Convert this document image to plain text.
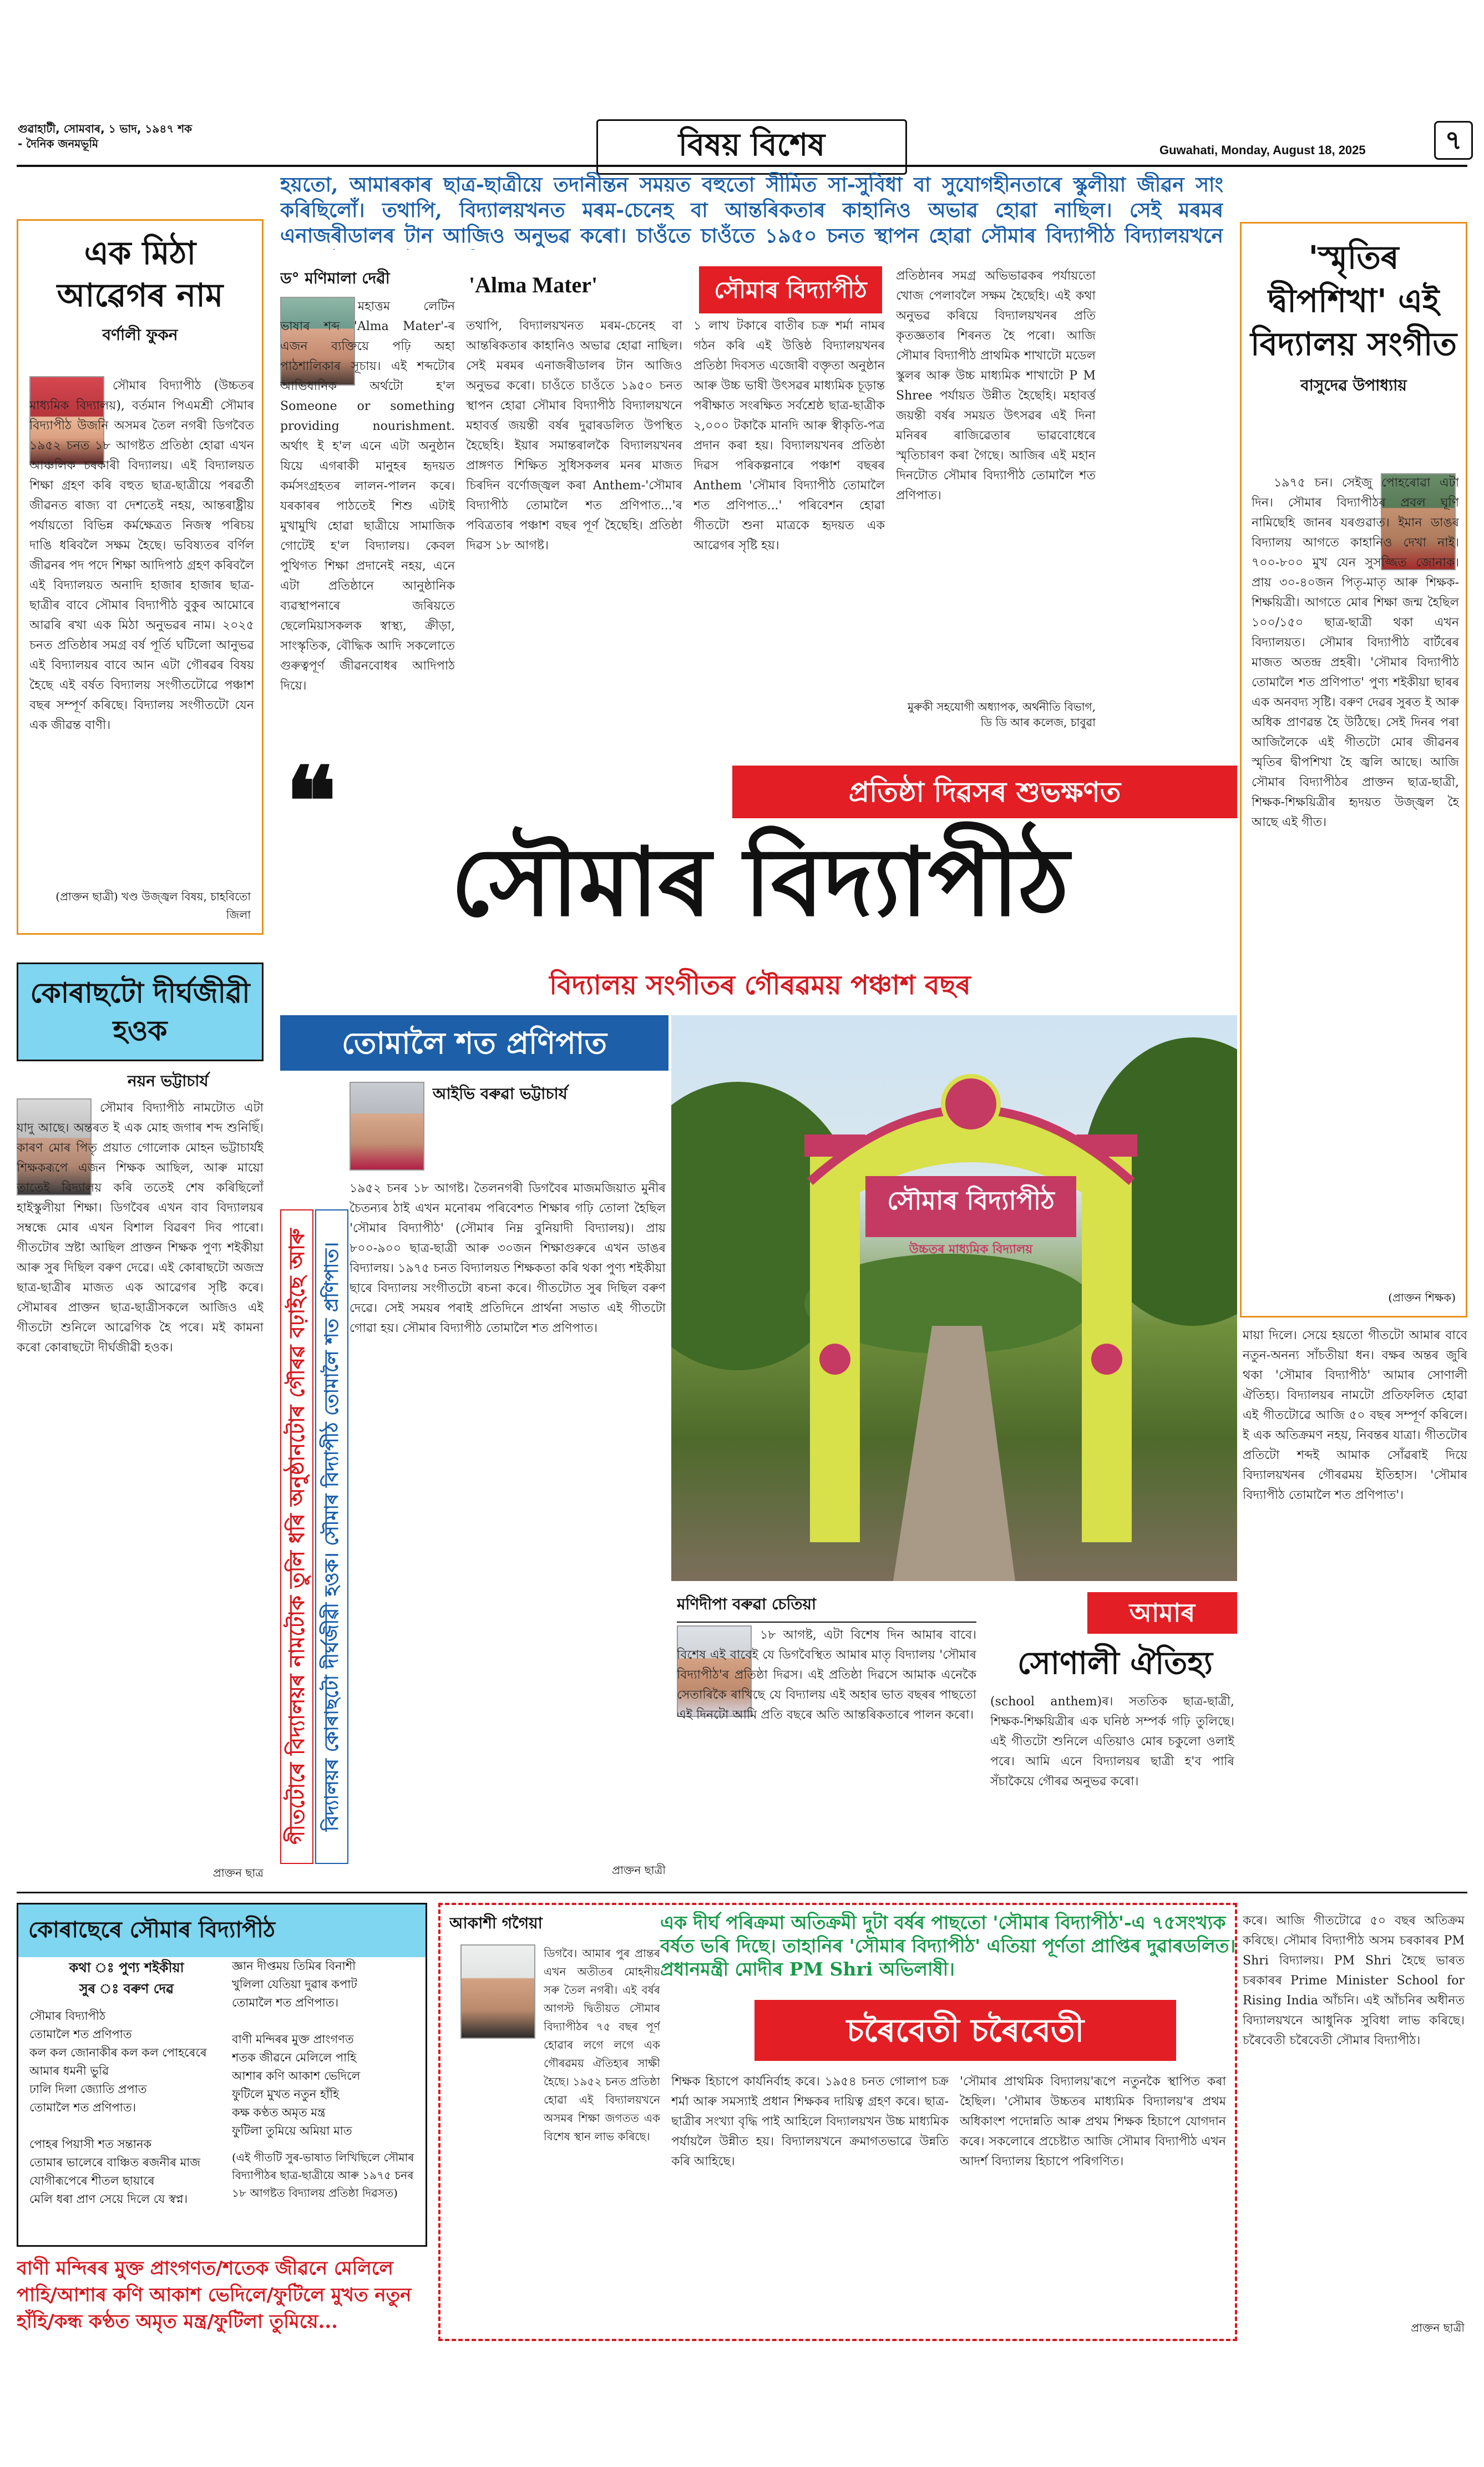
গুৱাহাটী, সোমবাৰ, ১ ভাদ, ১৯৪৭ শক
- দৈনিক জনমভূমি	বিষয় বিশেষ	Guwahati, Monday, August 18, 2025	৭

হয়তো, আমাৰকাৰ ছাত্ৰ-ছাত্ৰীয়ে তদানীন্তন সময়ত বহুতো সীমিত সা-সুবিধা বা সুযোগহীনতাৰে স্কুলীয়া জীৱন সাং কৰিছিলোঁ। তথাপি, বিদ্যালয়খনত মৰম-চেনেহ বা আন্তৰিকতাৰ কাহানিও অভাৱ হোৱা নাছিল। সেই মৰমৰ এনাজৰীডালৰ টান আজিও অনুভৱ কৰো। চাওঁতে চাওঁতে ১৯৫০ চনত স্থাপন হোৱা সৌমাৰ বিদ্যাপীঠ বিদ্যালয়খনে

এক মিঠা আৱেগৰ নাম
বৰ্ণালী ফুকন

সৌমাৰ বিদ্যাপীঠ (উচ্চতৰ মাধ্যমিক বিদ্যালয়), বৰ্তমান পিএমশ্ৰী সৌমাৰ বিদ্যাপীঠ উজনি অসমৰ তৈল নগৰী ডিগবৈত ১৯৫২ চনত ১৮ আগষ্টত প্ৰতিষ্ঠা হোৱা এখন আঞ্চলিক চৰকাৰী বিদ্যালয়। এই বিদ্যালয়ত শিক্ষা গ্ৰহণ কৰি বহুত ছাত্ৰ-ছাত্ৰীয়ে পৰৱৰ্তী জীৱনত ৰাজ্য বা দেশতেই নহয়, আন্তৰাষ্ট্ৰীয় পৰ্যায়তো বিভিন্ন কৰ্মক্ষেত্ৰত নিজস্ব পৰিচয় দাঙি ধৰিবলৈ সক্ষম হৈছে। ভবিষ্যতৰ বৰ্ণিল জীৱনৰ পদ পদে শিক্ষা আদিপাঠ গ্ৰহণ কৰিবলৈ এই বিদ্যালয়ত অনাদি হাজাৰ হাজাৰ ছাত্ৰ-ছাত্ৰীৰ বাবে সৌমাৰ বিদ্যাপীঠ বুকুৰ আমোৰে আৱৰি ৰখা এক মিঠা অনুভৱৰ নাম। ২০২৫ চনত প্ৰতিষ্ঠাৰ সমগ্ৰ বৰ্ষ পূৰ্তি ঘটিলো আনুভৱ এই বিদ্যালয়ৰ বাবে আন এটা গৌৰৱৰ বিষয় হৈছে এই বৰ্ষত বিদ্যালয় সংগীতটোৱে পঞ্চাশ বছৰ সম্পূৰ্ণ কৰিছে। বিদ্যালয় সংগীতটো যেন এক জীৱন্ত বাণী।

(প্ৰাক্তন ছাত্ৰী) খণ্ড উজ্জ্বল বিষয়, চাহবিতো জিলা
কোৰাছটো দীৰ্ঘজীৱী হওক
নয়ন ভট্টাচাৰ্য

সৌমাৰ বিদ্যাপীঠ নামটোত এটা যাদু আছে। অন্তৰত ই এক মোহ জগাৰ শব্দ শুনিছিঁ। কাৰণ মোৰ পিতৃ প্ৰয়াত গোলোক মোহন ভট্টাচাৰ্যই শিক্ষকৰূপে এজন শিক্ষক আছিল, আৰু মায়ো তাতেই বিদ্যালয় কৰি ততেই শেষ কৰিছিলোঁ হাইস্কুলীয়া শিক্ষা। ডিগবৈৰ এখন বাব বিদ্যালয়ৰ সম্বন্ধে মোৰ এখন বিশাল বিৱৰণ দিব পাৰো। গীতটোৰ স্ৰষ্টা আছিল প্ৰাক্তন শিক্ষক পুণ্য শইকীয়া আৰু সুৰ দিছিল বৰুণ দেৱে। এই কোৰাছটো অজস্ৰ ছাত্ৰ-ছাত্ৰীৰ মাজত এক আৱেগৰ সৃষ্টি কৰে। সৌমাৰৰ প্ৰাক্তন ছাত্ৰ-ছাত্ৰীসকলে আজিও এই গীতটো শুনিলে আৱেগিক হৈ পৰে। মই কামনা কৰো কোৰাছটো দীৰ্ঘজীৱী হওক।

প্ৰাক্তন ছাত্ৰ
ড° মণিমালা দেৱী

মহাত্তম লেটিন ভাষাৰ শব্দ 'Alma Mater'-ৰ এজন ব্যক্তিয়ে পঢ়ি অহা পাঠশালিকাৰ সূচায়। এই শব্দটোৰ আভিধানিক অৰ্থটো হ'ল Someone or something providing nourishment. অৰ্থাৎ ই হ'ল এনে এটা অনুষ্ঠান যিয়ে এগৰাকী মানুহৰ হৃদয়ত কৰ্মসংগ্ৰহতৰ লালন-পালন কৰে। যৰকাৰৰ পাঠতেই শিশু এটাই মুখামুখি হোৱা ছাত্ৰীয়ে সামাজিক গোটেই হ'ল বিদ্যালয়। কেবল পুথিগত শিক্ষা প্ৰদানেই নহয়, এনে এটা প্ৰতিষ্ঠানে আনুষ্ঠানিক ব্যৱস্থাপনাৰে জৰিয়তে ছেলেমিয়াসকলক স্বাস্থ্য, ক্ৰীড়া, সাংস্কৃতিক, বৌদ্ধিক আদি সকলোতে গুৰুত্বপূৰ্ণ জীৱনবোধৰ আদিপাঠ দিয়ে।

'Alma Mater'	সৌমাৰ বিদ্যাপীঠ

তথাপি, বিদ্যালয়খনত মৰম-চেনেহ বা আন্তৰিকতাৰ কাহানিও অভাৱ হোৱা নাছিল। সেই মৰমৰ এনাজৰীডালৰ টান আজিও অনুভৱ কৰো। চাওঁতে চাওঁতে ১৯৫০ চনত স্থাপন হোৱা সৌমাৰ বিদ্যাপীঠ বিদ্যালয়খনে মহাবৰ্ত্ত জয়ন্তী বৰ্ষৰ দুৱাৰডলিত উপস্থিত হৈছেহি। ইয়াৰ সমান্তৰালকৈ বিদ্যালয়খনৰ প্ৰাঙ্গণত শিক্ষিত সুধিসকলৰ মনৰ মাজত চিৰদিন বৰ্ণোজ্জ্বল কৰা Anthem-'সৌমাৰ বিদ্যাপীঠ তোমালৈ শত প্ৰণিপাত...'ৰ পবিত্ৰতাৰ পঞ্চাশ বছৰ পূৰ্ণ হৈছেহি। প্ৰতিষ্ঠা দিৱস ১৮ আগষ্ট।

১ লাখ টকাৰে বাতীৰ চক্ৰ শৰ্মা নামৰ গঠন কৰি এই উত্তিষ্ঠ বিদ্যালয়খনৰ প্ৰতিষ্ঠা দিবসত এজোৰী বক্তৃতা অনুষ্ঠান আৰু উচ্চ ভাষী উৎসৱৰ মাধ্যমিক চূড়ান্ত পৰীক্ষাত সংৰক্ষিত সৰ্বশ্ৰেষ্ঠ ছাত্ৰ-ছাত্ৰীক ২,০০০ টকাকৈ মানদি আৰু স্বীকৃতি-পত্ৰ প্ৰদান কৰা হয়। বিদ্যালয়খনৰ প্ৰতিষ্ঠা দিৱস পৰিকল্পনাৰে পঞ্চাশ বছৰৰ Anthem 'সৌমাৰ বিদ্যাপীঠ তোমালৈ শত প্ৰণিপাত...' পৰিবেশন হোৱা গীতটো শুনা মাত্ৰকে হৃদয়ত এক আৱেগৰ সৃষ্টি হয়।

প্ৰতিষ্ঠানৰ সমগ্ৰ অভিভাৱকৰ পৰ্যায়তো খোজ পেলাবলৈ সক্ষম হৈছেহি। এই কথা অনুভৱ কৰিয়ে বিদ্যালয়খনৰ প্ৰতি কৃতজ্ঞতাৰ শিৰনত হৈ পৰো। আজি সৌমাৰ বিদ্যাপীঠ প্ৰাথমিক শাখাটো মডেল স্কুলৰ আৰু উচ্চ মাধ্যমিক শাখাটো P M Shree পৰ্যায়ত উন্নীত হৈছেহি। মহাবৰ্ত্ত জয়ন্তী বৰ্ষৰ সময়ত উৎসৱৰ এই দিনা মনিৰৰ ৰাজিৱেতাৰ ভাৱবোধেৰে স্মৃতিচাৰণ কৰা গৈছে। আজিৰ এই মহান দিনটোত সৌমাৰ বিদ্যাপীঠ তোমালৈ শত প্ৰণিপাত।

মুৰুকী সহযোগী অধ্যাপক, অৰ্থনীতি বিভাগ, ডি ডি আৰ কলেজ, চাবুৱা
'স্মৃতিৰ দ্বীপশিখা' এই বিদ্যালয় সংগীত
বাসুদেৱ উপাধ্যায়

১৯৭৫ চন। সেইজু পোহৰোৱা এটা দিন। সৌমাৰ বিদ্যাপীঠৰ প্ৰবল ঘূণি নামিছেহি জানৰ যৰগুৱাত। ইমান ডাঙৰ বিদ্যালয় আগতে কাহানিও দেখা নাই। ৭০০-৮০০ মুখ যেন সুসজ্জিত জোনাক। প্ৰায় ৩০-৪০জন পিতৃ-মাতৃ আৰু শিক্ষক-শিক্ষয়িত্ৰী। আগতে মোৰ শিক্ষা জন্ম হৈছিল ১০০/১৫০ ছাত্ৰ-ছাত্ৰী থকা এখন বিদ্যালয়ত। সৌমাৰ বিদ্যাপীঠ বাৰ্টৰেৰ মাজত অতন্দ্ৰ প্ৰহৰী। 'সৌমাৰ বিদ্যাপীঠ তোমালৈ শত প্ৰণিপাত' পুণ্য শইকীয়া ছাৰৰ এক অনবদ্য সৃষ্টি। বৰুণ দেৱৰ সুৰত ই আৰু অধিক প্ৰাণৱন্ত হৈ উঠিছে। সেই দিনৰ পৰা আজিলৈকে এই গীতটো মোৰ জীৱনৰ স্মৃতিৰ দ্বীপশিখা হৈ জ্বলি আছে। আজি সৌমাৰ বিদ্যাপীঠৰ প্ৰাক্তন ছাত্ৰ-ছাত্ৰী, শিক্ষক-শিক্ষয়িত্ৰীৰ হৃদয়ত উজ্জ্বল হৈ আছে এই গীত।

(প্ৰাক্তন শিক্ষক)
প্ৰতিষ্ঠা দিৱসৰ শুভক্ষণত
❝
সৌমাৰ বিদ্যাপীঠ
বিদ্যালয় সংগীতৰ গৌৰৱময় পঞ্চাশ বছৰ
তোমালৈ শত প্ৰণিপাত
আইভি বৰুৱা ভট্টাচাৰ্য

১৯৫২ চনৰ ১৮ আগষ্ট। তৈলনগৰী ডিগবৈৰ মাজমজিয়াত মুনীৰ চৈতন্যৰ ঠাই এখন মনোৰম পৰিবেশত শিক্ষাৰ গঢ়ি তোলা হৈছিল 'সৌমাৰ বিদ্যাপীঠ' (সৌমাৰ নিম্ন বুনিয়াদী বিদ্যালয়)। প্ৰায় ৮০০-৯০০ ছাত্ৰ-ছাত্ৰী আৰু ৩০জন শিক্ষাগুৰুৰে এখন ডাঙৰ বিদ্যালয়। ১৯৭৫ চনত বিদ্যালয়ত শিক্ষকতা কৰি থকা পুণ্য শইকীয়া ছাৰে বিদ্যালয় সংগীতটো ৰচনা কৰে। গীতটোত সুৰ দিছিল বৰুণ দেৱে। সেই সময়ৰ পৰাই প্ৰতিদিনে প্ৰাৰ্থনা সভাত এই গীতটো গোৱা হয়। সৌমাৰ বিদ্যাপীঠ তোমালৈ শত প্ৰণিপাত।

প্ৰাক্তন ছাত্ৰী
গীতটোৰে বিদ্যালয়ৰ নামটোক তুলি ধৰি অনুষ্ঠানটোৰ গৌৰৱ বঢ়াইছে আৰু বিদ্যালয়ৰ কোৰাছটো দীৰ্ঘজীৱী হওক। সৌমাৰ বিদ্যাপীঠ তোমালৈ শত প্ৰণিপাত।
সৌমাৰ বিদ্যাপীঠ
উচ্চতৰ মাধ্যমিক বিদ্যালয়
মণিদীপা বৰুৱা চেতিয়া

১৮ আগষ্ট, এটা বিশেষ দিন আমাৰ বাবে। বিশেষ এই বাবেই যে ডিগবৈস্থিত আমাৰ মাতৃ বিদ্যালয় 'সৌমাৰ বিদ্যাপীঠ'ৰ প্ৰতিষ্ঠা দিৱস। এই প্ৰতিষ্ঠা দিৱসে আমাক এনেকৈ সেতাৰিকৈ ৰাখিছে যে বিদ্যালয় এই অহাৰ ভাত বছৰৰ পাছতো এই দিনটো আমি প্ৰতি বছৰে অতি আন্তৰিকতাৰে পালন কৰো।

আমাৰ
সোণালী ঐতিহ্য

(school anthem)ৰ। সততিক ছাত্ৰ-ছাত্ৰী, শিক্ষক-শিক্ষয়িত্ৰীৰ এক ঘনিষ্ঠ সম্পৰ্ক গঢ়ি তুলিছে। এই গীতটো শুনিলে এতিয়াও মোৰ চকুলো ওলাই পৰে। আমি এনে বিদ্যালয়ৰ ছাত্ৰী হ'ব পাৰি সঁচাকৈয়ে গৌৰৱ অনুভৱ কৰো।

মায়া দিলে। সেয়ে হয়তো গীতটো আমাৰ বাবে নতুন-অনন্য সাঁচতীয়া ধন। বক্ষৰ অন্তৰ জুৰি থকা 'সৌমাৰ বিদ্যাপীঠ' আমাৰ সোণালী ঐতিহ্য। বিদ্যালয়ৰ নামটো প্ৰতিফলিত হোৱা এই গীতটোৱে আজি ৫০ বছৰ সম্পূৰ্ণ কৰিলে। ই এক অতিক্ৰমণ নহয়, নিবন্তৰ যাত্ৰা। গীতটোৰ প্ৰতিটো শব্দই আমাক সোঁৱৰাই দিয়ে বিদ্যালয়খনৰ গৌৰৱময় ইতিহাস। 'সৌমাৰ বিদ্যাপীঠ তোমালৈ শত প্ৰণিপাত'।

কোৰাছেৰে সৌমাৰ বিদ্যাপীঠ
কথা ঃ পুণ্য শইকীয়া
সুৰ ঃ বৰুণ দেৱ

সৌমাৰ বিদ্যাপীঠ
তোমালৈ শত প্ৰণিপাত
কল কল জোনাকীৰ কল কল পোহৰেৰে
আমাৰ ধমনী ভুৱি
ঢালি দিলা জ্যোতি প্ৰপাত
তোমালৈ শত প্ৰণিপাত।

পোহৰ পিয়াসী শত সন্তানক
তোমাৰ ভালেৰে বাঞ্চিত ৰজনীৰ মাজ
যোগীৰূপেৰে শীতল ছায়াৰে
মেলি ধৰা প্ৰাণ সেয়ে দিলে যে স্বপ্ন।

জ্ঞান দীপ্তময় তিমিৰ বিনাশী
খুলিলা যেতিয়া দুৱাৰ কপাট
তোমালৈ শত প্ৰণিপাত।

বাণী মন্দিৰৰ মুক্ত প্ৰাংগণত
শতক জীৱনে মেলিলে পাহি
আশাৰ কণি আকাশ ভেদিলে
ফুটিলে মুখত নতুন হাঁহি
কক্ষ কণ্ঠত অমৃত মন্ত্ৰ
ফুটিলা তুমিয়ে অমিয়া মাত

(এই গীতটি সুৰ-ভাষাত লিখিছিলে সৌমাৰ বিদ্যাপীঠৰ ছাত্ৰ-ছাত্ৰীয়ে আৰু ১৯৭৫ চনৰ ১৮ আগষ্টত বিদ্যালয় প্ৰতিষ্ঠা দিৱসত)

বাণী মন্দিৰৰ মুক্ত প্ৰাংগণত/শতেক জীৱনে মেলিলে পাহি/আশাৰ কণি আকাশ ভেদিলে/ফুটিলে মুখত নতুন হাঁহি/কন্ধ কণ্ঠত অমৃত মন্ত্ৰ/ফুটিলা তুমিয়ে...
আকাশী গগৈয়া	এক দীৰ্ঘ পৰিক্ৰমা অতিক্ৰমী দুটা বৰ্ষৰ পাছতো 'সৌমাৰ বিদ্যাপীঠ'-এ ৭৫সংখ্যক বৰ্ষত ভৰি দিছে। তাহানিৰ 'সৌমাৰ বিদ্যাপীঠ' এতিয়া পূৰ্ণতা প্ৰাপ্তিৰ দুৱাৰডলিত। প্ৰধানমন্ত্ৰী মোদীৰ PM Shri অভিলাষী।

চৰৈবেতী চৰৈবেতী

ডিগবৈ। আমাৰ পুৰ প্ৰান্তৰ এখন অতীতৰ মোহনীয় সৰু তৈল নগৰী। এই বৰ্ষৰ আগস্ট দ্বিতীয়ত সৌমাৰ বিদ্যাপীঠৰ ৭৫ বছৰ পূৰ্ণ হোৱাৰ লগে লগে এক গৌৰৱময় ঐতিহ্যৰ সাক্ষী হৈছে। ১৯৫২ চনত প্ৰতিষ্ঠা হোৱা এই বিদ্যালয়খনে অসমৰ শিক্ষা জগতত এক বিশেষ স্থান লাভ কৰিছে।

শিক্ষক হিচাপে কাৰ্যনিৰ্বাহ কৰে। ১৯৫৪ চনত গোলাপ চক্ৰ শৰ্মা আৰু সমস্যাই প্ৰধান শিক্ষকৰ দায়িত্ব গ্ৰহণ কৰে। ছাত্ৰ-ছাত্ৰীৰ সংখ্যা বৃদ্ধি পাই আহিলে বিদ্যালয়খন উচ্চ মাধ্যমিক পৰ্যায়লৈ উন্নীত হয়। বিদ্যালয়খনে ক্ৰমাগতভাৱে উন্নতি কৰি আহিছে।

'সৌমাৰ প্ৰাথমিক বিদ্যালয়'ৰূপে নতুনকৈ স্থাপিত কৰা হৈছিল। 'সৌমাৰ উচ্চতৰ মাধ্যমিক বিদ্যালয়'ৰ প্ৰথম অধিকাংশ পদোন্নতি আৰু প্ৰথম শিক্ষক হিচাপে যোগদান কৰে। সকলোৰে প্ৰচেষ্টাত আজি সৌমাৰ বিদ্যাপীঠ এখন আদৰ্শ বিদ্যালয় হিচাপে পৰিগণিত।

কৰে। আজি গীতটোৱে ৫০ বছৰ অতিক্ৰম কৰিছে। সৌমাৰ বিদ্যাপীঠ অসম চৰকাৰৰ PM Shri বিদ্যালয়। PM Shri হৈছে ভাৰত চৰকাৰৰ Prime Minister School for Rising India আঁচনি। এই আঁচনিৰ অধীনত বিদ্যালয়খনে আধুনিক সুবিধা লাভ কৰিছে। চৰৈবেতী চৰৈবেতী সৌমাৰ বিদ্যাপীঠ।

প্ৰাক্তন ছাত্ৰী
